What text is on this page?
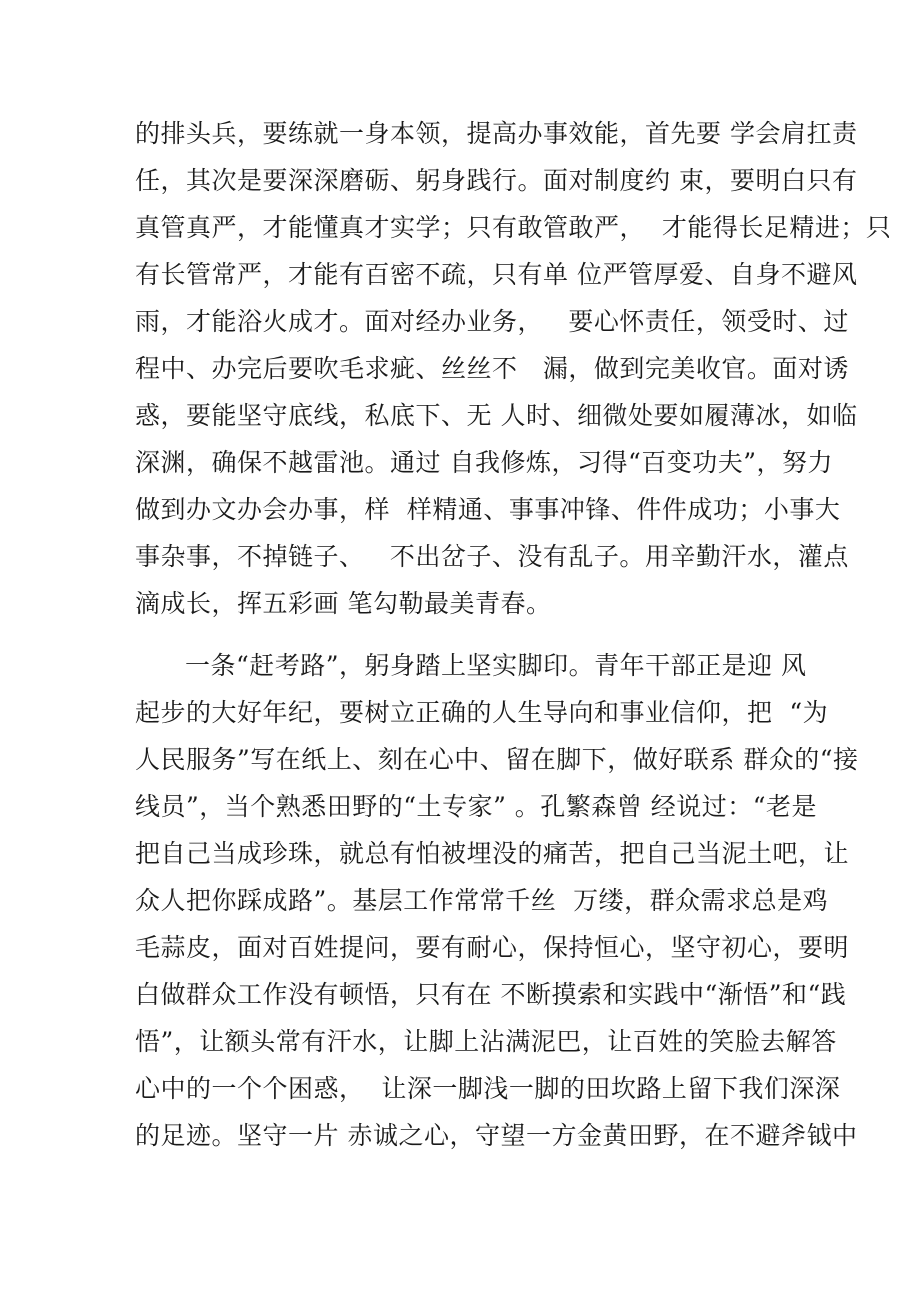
的排头兵，要练就一身本领，提高办事效能，首先要 学会肩扛责
任，其次是要深深磨砺、躬身践行。面对制度约 束，要明白只有
真管真严，才能懂真才实学；只有敢管敢严，  才能得长足精进；只
有长管常严，才能有百密不疏，只有单 位严管厚爱、自身不避风
雨，才能浴火成才。面对经办业务，   要心怀责任，领受时、过
程中、办完后要吹毛求疵、丝丝不   漏，做到完美收官。面对诱
惑，要能坚守底线，私底下、无 人时、细微处要如履薄冰，如临
深渊，确保不越雷池。通过 自我修炼，习得“百变功夫”，努力
做到办文办会办事，样  样精通、事事冲锋、件件成功；小事大
事杂事，不掉链子、   不出岔子、没有乱子。用辛勤汗水，灌点
滴成长，挥五彩画 笔勾勒最美青春。
一条“赶考路”，躬身踏上坚实脚印。青年干部正是迎 风
起步的大好年纪，要树立正确的人生导向和事业信仰，把  “为
人民服务”写在纸上、刻在心中、留在脚下，做好联系 群众的“接
线员”，当个熟悉田野的“土专家” 。孔繁森曾 经说过：“老是
把自己当成珍珠，就总有怕被埋没的痛苦，把自己当泥土吧，让
众人把你踩成路”。基层工作常常千丝  万缕，群众需求总是鸡
毛蒜皮，面对百姓提问，要有耐心，保持恒心，坚守初心，要明
白做群众工作没有顿悟，只有在 不断摸索和实践中“渐悟”和“践
悟”，让额头常有汗水，让脚上沾满泥巴，让百姓的笑脸去解答
心中的一个个困惑，  让深一脚浅一脚的田坎路上留下我们深深
的足迹。坚守一片 赤诚之心，守望一方金黄田野，在不避斧钺中
